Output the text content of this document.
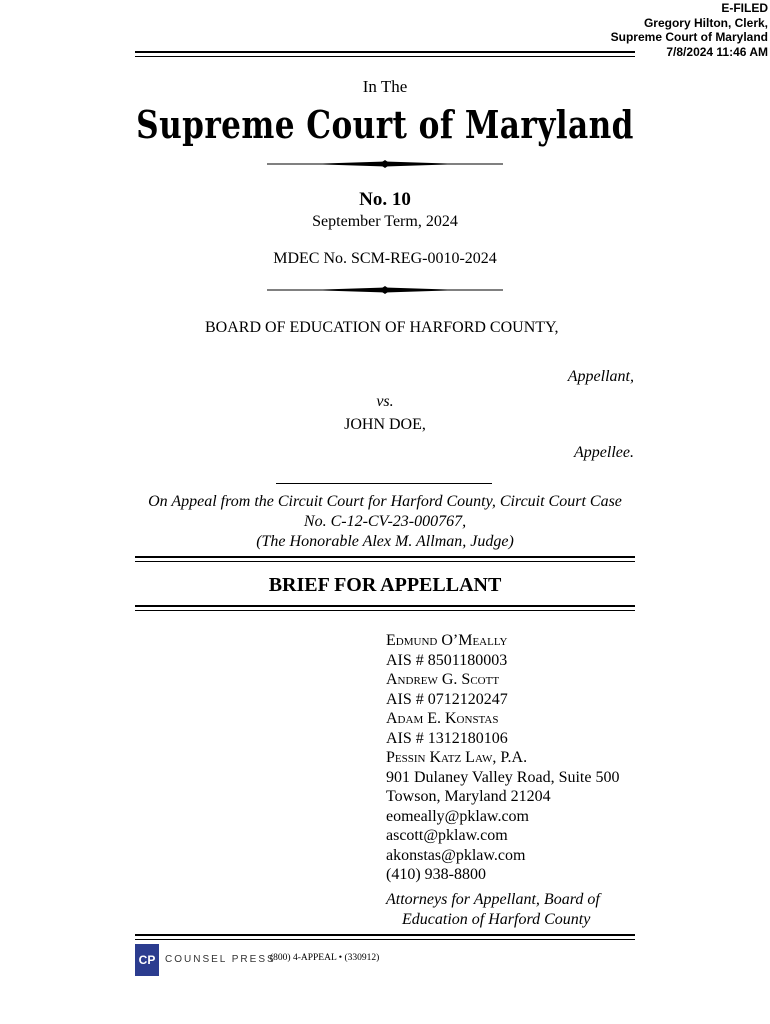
E-FILED
Gregory Hilton, Clerk,
Supreme Court of Maryland
7/8/2024 11:46 AM
In The
Supreme Court of Maryland
No. 10
September Term, 2024
MDEC No. SCM-REG-0010-2024
BOARD OF EDUCATION OF HARFORD COUNTY,
Appellant,
vs.
JOHN DOE,
Appellee.
On Appeal from the Circuit Court for Harford County, Circuit Court Case
No. C-12-CV-23-000767,
(The Honorable Alex M. Allman, Judge)
BRIEF FOR APPELLANT
Edmund O’Meally
AIS # 8501180003
Andrew G. Scott
AIS # 0712120247
Adam E. Konstas
AIS # 1312180106
Pessin Katz Law, P.A.
901 Dulaney Valley Road, Suite 500
Towson, Maryland 21204
eomeally@pklaw.com
ascott@pklaw.com
akonstas@pklaw.com
(410) 938-8800
Attorneys for Appellant, Board of
Education of Harford County
CP COUNSEL PRESS
(800) 4-APPEAL • (330912)
